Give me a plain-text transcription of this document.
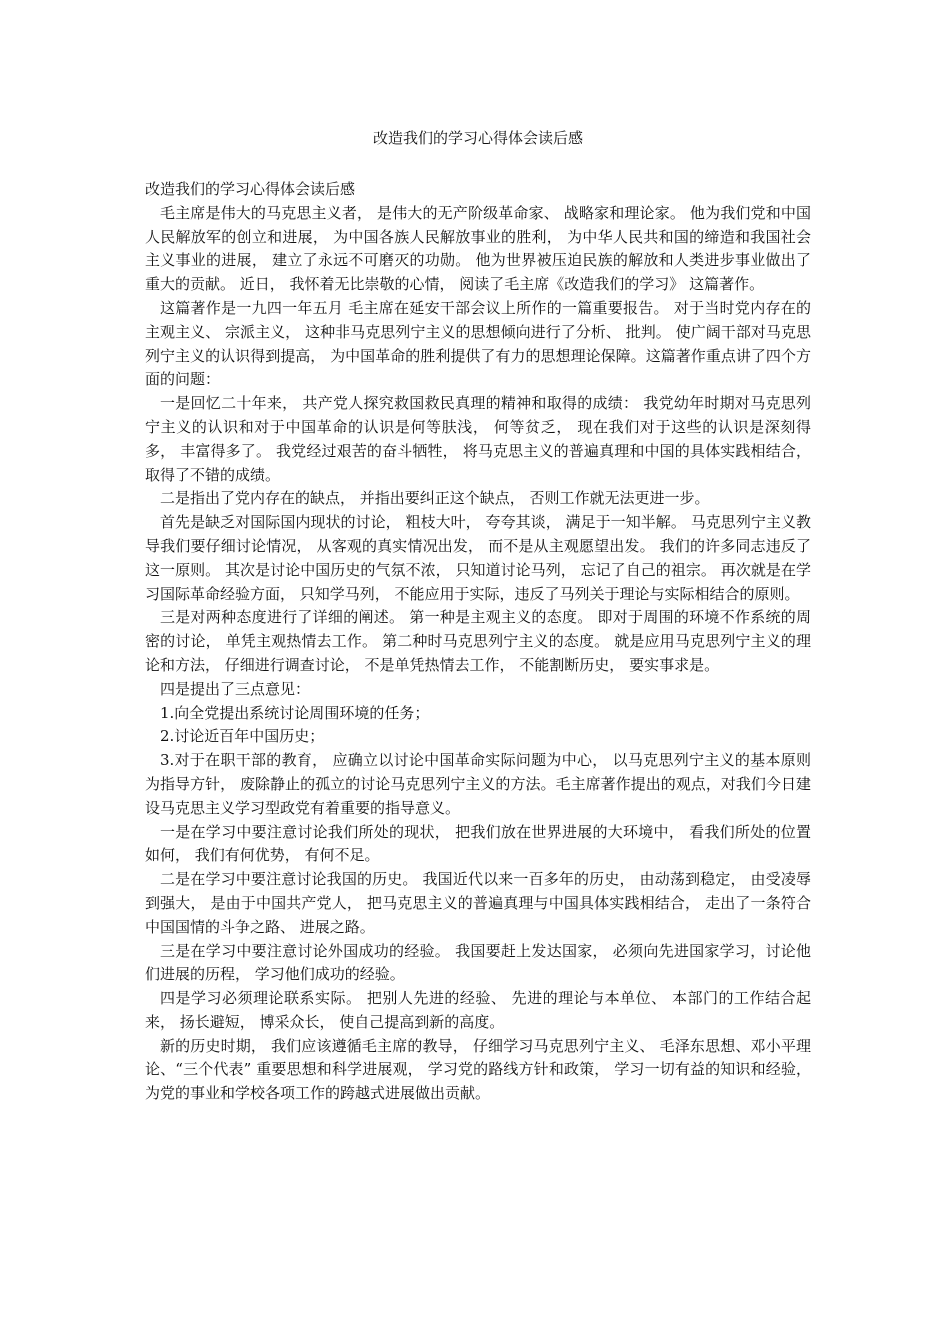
改造我们的学习心得体会读后感

改造我们的学习心得体会读后感

毛主席是伟大的马克思主义者， 是伟大的无产阶级革命家、 战略家和理论家。 他为我们党和中国人民解放军的创立和进展， 为中国各族人民解放事业的胜利， 为中华人民共和国的缔造和我国社会主义事业的进展， 建立了永远不可磨灭的功勋。 他为世界被压迫民族的解放和人类进步事业做出了重大的贡献。 近日， 我怀着无比崇敬的心情， 阅读了毛主席《改造我们的学习》 这篇著作。

这篇著作是一九四一年五月 毛主席在延安干部会议上所作的一篇重要报告。 对于当时党内存在的主观主义、 宗派主义， 这种非马克思列宁主义的思想倾向进行了分析、 批判。 使广阔干部对马克思列宁主义的认识得到提高， 为中国革命的胜利提供了有力的思想理论保障。这篇著作重点讲了四个方面的问题：

一是回忆二十年来， 共产党人探究救国救民真理的精神和取得的成绩： 我党幼年时期对马克思列宁主义的认识和对于中国革命的认识是何等肤浅， 何等贫乏， 现在我们对于这些的认识是深刻得多， 丰富得多了。 我党经过艰苦的奋斗牺牲， 将马克思主义的普遍真理和中国的具体实践相结合， 取得了不错的成绩。

二是指出了党内存在的缺点， 并指出要纠正这个缺点， 否则工作就无法更进一步。

首先是缺乏对国际国内现状的讨论， 粗枝大叶， 夸夸其谈， 满足于一知半解。 马克思列宁主义教导我们要仔细讨论情况， 从客观的真实情况出发， 而不是从主观愿望出发。 我们的许多同志违反了这一原则。 其次是讨论中国历史的气氛不浓， 只知道讨论马列， 忘记了自己的祖宗。 再次就是在学习国际革命经验方面， 只知学马列， 不能应用于实际，违反了马列关于理论与实际相结合的原则。

三是对两种态度进行了详细的阐述。 第一种是主观主义的态度。 即对于周围的环境不作系统的周密的讨论， 单凭主观热情去工作。 第二种时马克思列宁主义的态度。 就是应用马克思列宁主义的理论和方法， 仔细进行调查讨论， 不是单凭热情去工作， 不能割断历史， 要实事求是。

四是提出了三点意见：

1.向全党提出系统讨论周围环境的任务；

2.讨论近百年中国历史；

3.对于在职干部的教育， 应确立以讨论中国革命实际问题为中心， 以马克思列宁主义的基本原则为指导方针， 废除静止的孤立的讨论马克思列宁主义的方法。毛主席著作提出的观点，对我们今日建设马克思主义学习型政党有着重要的指导意义。

一是在学习中要注意讨论我们所处的现状， 把我们放在世界进展的大环境中， 看我们所处的位置如何， 我们有何优势， 有何不足。

二是在学习中要注意讨论我国的历史。 我国近代以来一百多年的历史， 由动荡到稳定， 由受凌辱到强大， 是由于中国共产党人， 把马克思主义的普遍真理与中国具体实践相结合， 走出了一条符合中国国情的斗争之路、 进展之路。

三是在学习中要注意讨论外国成功的经验。 我国要赶上发达国家， 必须向先进国家学习，讨论他们进展的历程， 学习他们成功的经验。

四是学习必须理论联系实际。 把别人先进的经验、 先进的理论与本单位、 本部门的工作结合起来， 扬长避短， 博采众长， 使自己提高到新的高度。

新的历史时期， 我们应该遵循毛主席的教导， 仔细学习马克思列宁主义、 毛泽东思想、邓小平理论、“三个代表” 重要思想和科学进展观， 学习党的路线方针和政策， 学习一切有益的知识和经验， 为党的事业和学校各项工作的跨越式进展做出贡献。
